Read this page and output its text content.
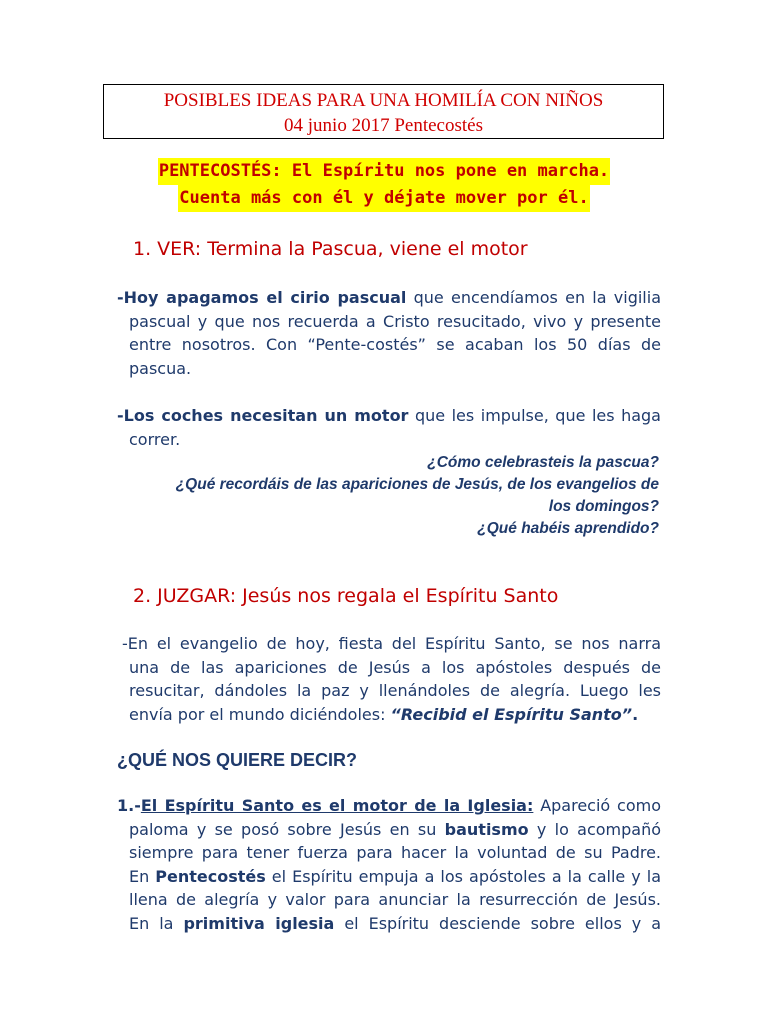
POSIBLES IDEAS PARA UNA HOMILÍA CON NIÑOS
04 junio 2017 Pentecostés
PENTECOSTÉS: El Espíritu nos pone en marcha.
Cuenta más con él y déjate mover por él.
1. VER: Termina la Pascua, viene el motor
-Hoy apagamos el cirio pascual que encendíamos en la vigilia
pascual y que nos recuerda a Cristo resucitado, vivo y presente
entre nosotros. Con “Pente-costés” se acaban los 50 días de
pascua.
-Los coches necesitan un motor que les impulse, que les haga
correr.
¿Cómo celebrasteis la pascua?
¿Qué recordáis de las apariciones de Jesús, de los evangelios de
los domingos?
¿Qué habéis aprendido?
2. JUZGAR: Jesús nos regala el Espíritu Santo
-En el evangelio de hoy, fiesta del Espíritu Santo, se nos narra
una de las apariciones de Jesús a los apóstoles después de
resucitar, dándoles la paz y llenándoles de alegría. Luego les
envía por el mundo diciéndoles: “Recibid el Espíritu Santo”.
¿QUÉ NOS QUIERE DECIR?
1.-El Espíritu Santo es el motor de la Iglesia: Apareció como
paloma y se posó sobre Jesús en su bautismo y lo acompañó
siempre para tener fuerza para hacer la voluntad de su Padre.
En Pentecostés el Espíritu empuja a los apóstoles a la calle y la
llena de alegría y valor para anunciar la resurrección de Jesús.
En la primitiva iglesia el Espíritu desciende sobre ellos y a
